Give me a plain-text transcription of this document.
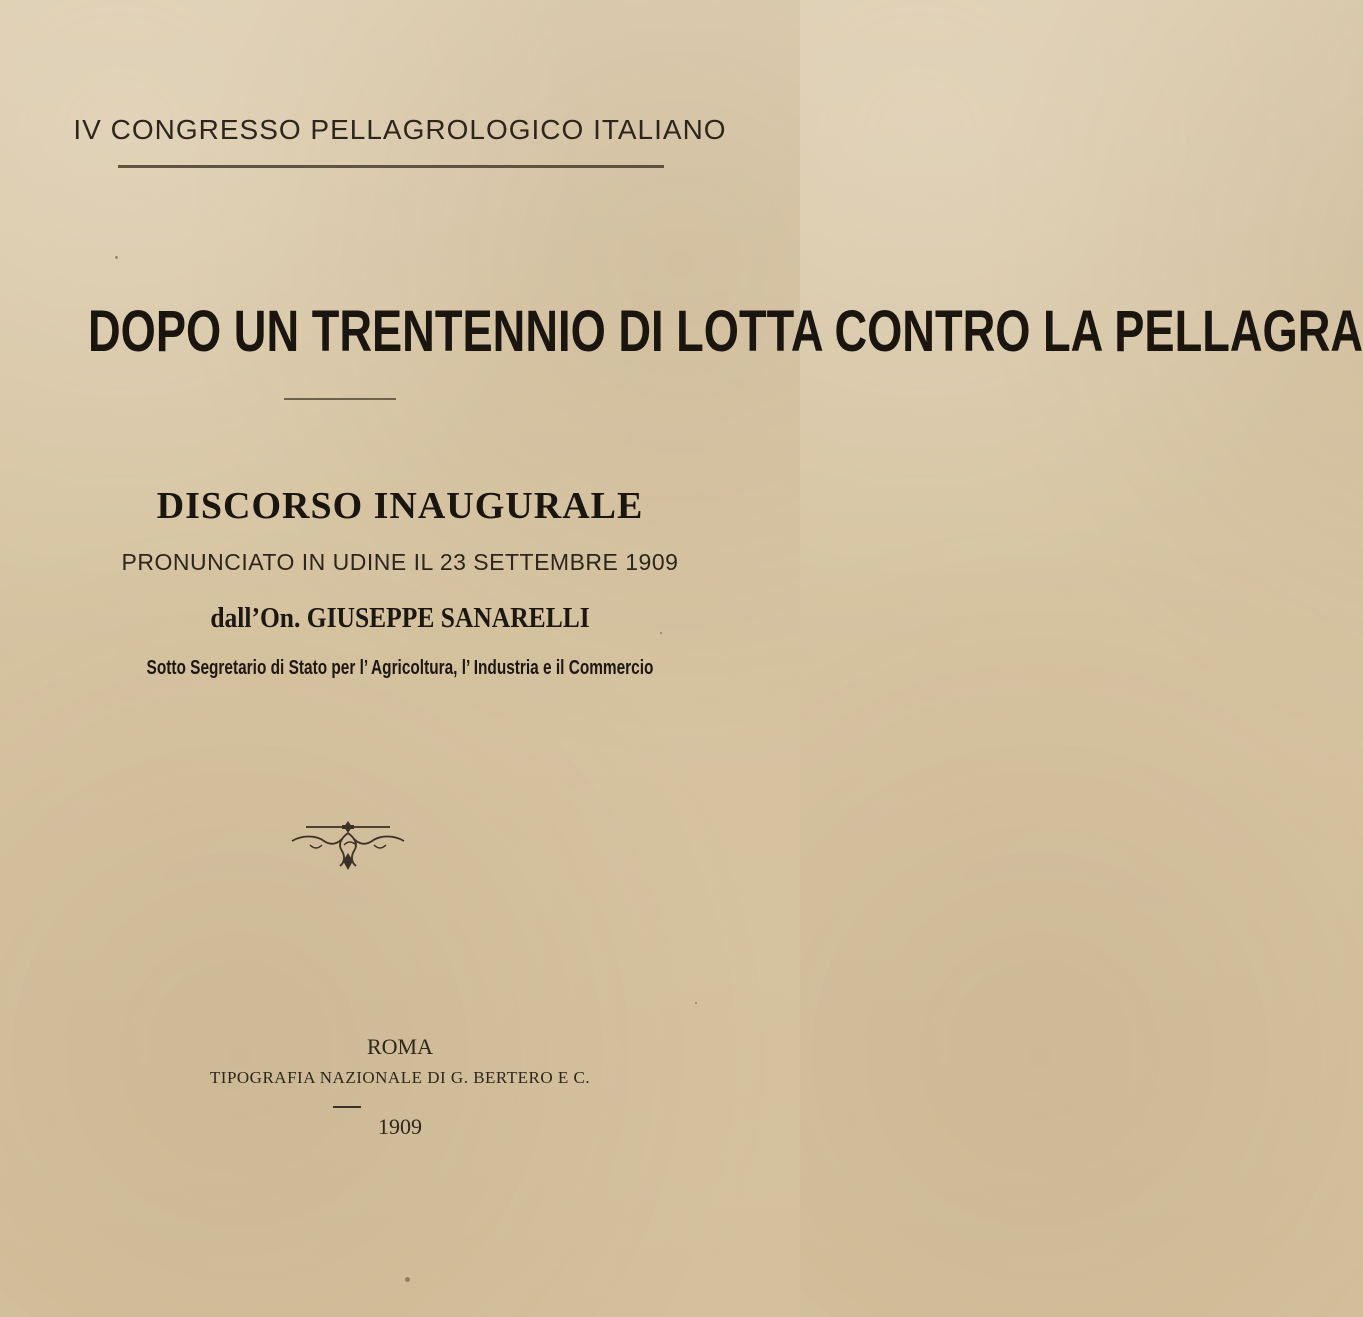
IV CONGRESSO PELLAGROLOGICO ITALIANO
DOPO UN TRENTENNIO DI LOTTA CONTRO LA PELLAGRA
DISCORSO INAUGURALE
PRONUNCIATO IN UDINE IL 23 SETTEMBRE 1909
dall’On. GIUSEPPE SANARELLI
Sotto Segretario di Stato per l’ Agricoltura, l’ Industria e il Commercio
ROMA
TIPOGRAFIA NAZIONALE DI G. BERTERO E C.
1909
